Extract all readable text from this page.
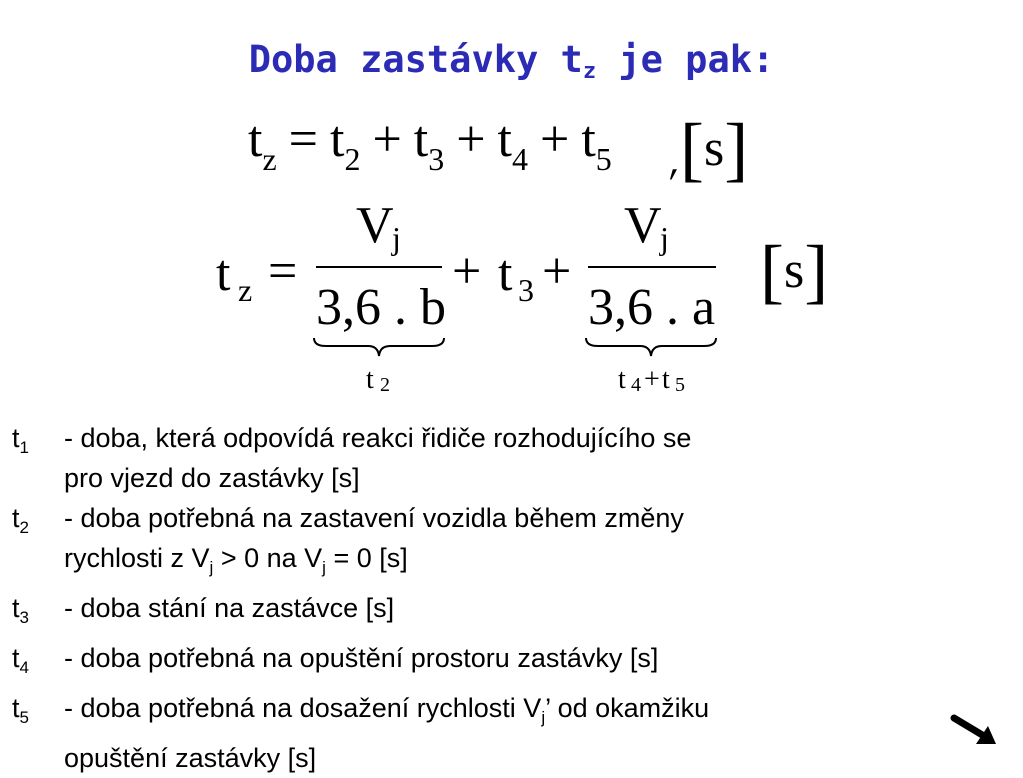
Doba zastávky $t_z$ je pak:
$t_z = t_2 + t_3 + t_4 + t_5$ [s]
′
t z =
V
j
3,6 . b
+ t 3 +
V
j
3,6 . a [s]
t 2	t 4 + t 5
$t_1$	- doba, která odpovídá reakci řidiče rozhodujícího se
pro vjezd do zastávky [s]
$t_2$	- doba potřebná na zastavení vozidla během změny
rychlosti z $V_j > 0$ na $V_j = 0$ [s]
$t_3$	- doba stání na zastávce [s]
$t_4$	- doba potřebná na opuštění prostoru zastávky [s]
$t_5$	- doba potřebná na dosažení rychlosti $V_j$’ od okamžiku
opuštění zastávky [s]
